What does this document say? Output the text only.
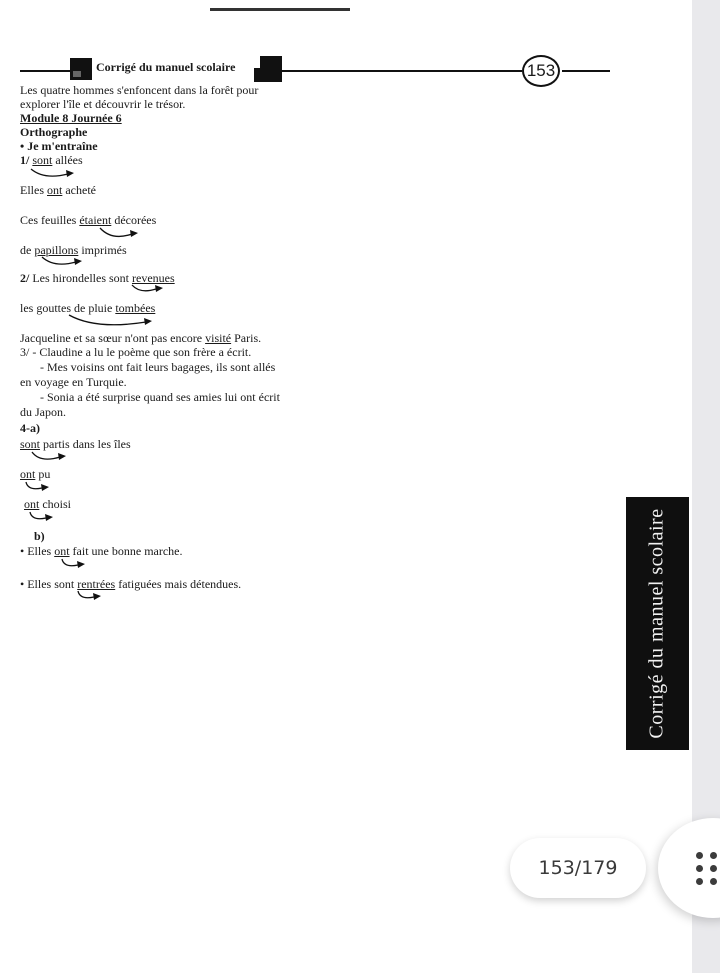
Corrigé du manuel scolaire	153
Les quatre hommes s'enfoncent dans la forêt pour
explorer l'île et découvrir le trésor.
Module 8 Journée 6
Orthographe
• Je m'entraîne
1/ sont allées
Elles ont acheté
Ces feuilles étaient décorées
de papillons imprimés
2/ Les hirondelles sont revenues
les gouttes de pluie tombées
Jacqueline et sa sœur n'ont pas encore visité Paris.
3/ - Claudine a lu le poème que son frère a écrit.
- Mes voisins ont fait leurs bagages, ils sont allés
en voyage en Turquie.
- Sonia a été surprise quand ses amies lui ont écrit
du Japon.
4-a)
sont partis dans les îles
ont pu
ont choisi
b)
• Elles ont fait une bonne marche.
• Elles sont rentrées fatiguées mais détendues.	Corrigé du manuel scolaire
153/179
